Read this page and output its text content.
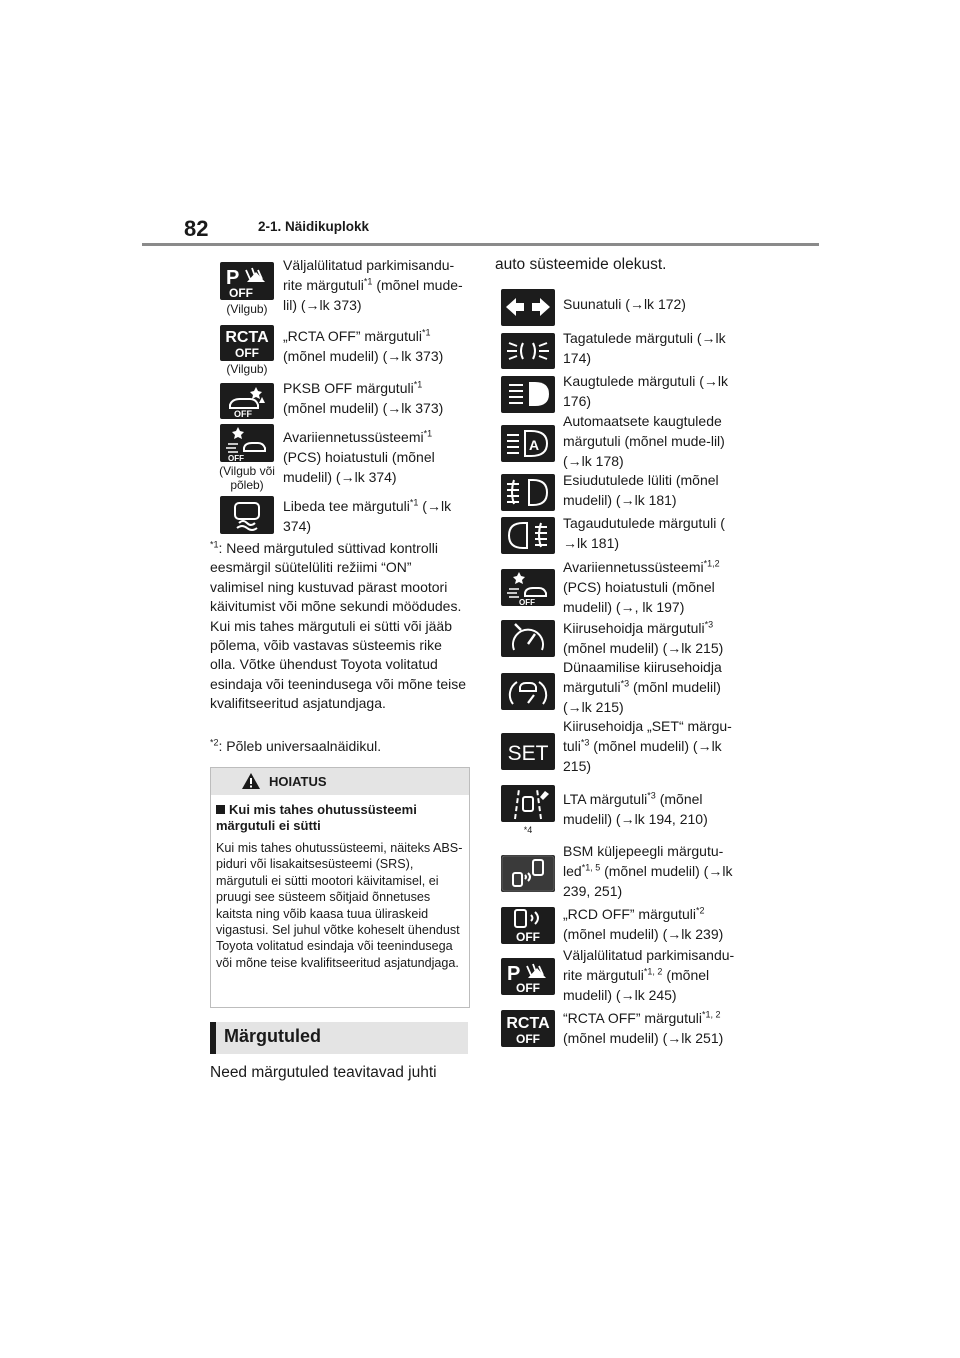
82	2-1. Näidikuplokk
P
OFF
(Vilgub)
Väljalülitatud parkimisandu-rite märgutuli$^{*1}$ (mõnel mude-lil) (→lk 373)
RCTA
OFF
(Vilgub)
„RCTA OFF” märgutuli$^{*1}$
(mõnel mudelil) (→lk 373)
OFF
PKSB OFF märgutuli$^{*1}$
(mõnel mudelil) (→lk 373)
OFF
(Vilgub või põleb)
Avariiennetussüsteemi$^{*1}$
(PCS) hoiatustuli (mõnel mudelil) (→lk 374)
Libeda tee märgutuli$^{*1}$ (→lk 374)
$^{*1}$: Need märgutuled süttivad kontrolli eesmärgil süütelüliti režiimi “ON” valimisel ning kustuvad pärast mootori käivitumist või mõne sekundi möödudes. Kui mis tahes märgutuli ei sütti või jääb põlema, võib vastavas süsteemis rike olla. Võtke ühendust Toyota volitatud esindaja või teenindusega või mõne teise kvalifitseeritud asjatundjaga.
$^{*2}$: Põleb universaalnäidikul.
HOIATUS
Kui mis tahes ohutussüsteemi märgutuli ei sütti
Kui mis tahes ohutussüsteemi, näiteks ABS-piduri või lisakaitsesüsteemi (SRS), märgutuli ei sütti mootori käivitamisel, ei pruugi see süsteem sõitjaid õnnetuses kaitsta ning võib kaasa tuua üliraskeid vigastusi. Sel juhul võtke koheselt ühendust Toyota volitatud esindaja või teenindusega või mõne teise kvalifitseeritud asjatundjaga.
Märgutuled
Need märgutuled teavitavad juhti
auto süsteemide olekust.
Suunatuli (→lk 172)
Tagatulede märgutuli (→lk 174)
Kaugtulede märgutuli (→lk 176)
A
Automaatsete kaugtulede märgutuli (mõnel mude-lil)(→lk 178)
Esiudutulede lüliti (mõnel mudelil) (→lk 181)
Tagaudutulede märgutuli (
→lk 181)
OFF
Avariiennetussüsteemi$^{*1,2}$
(PCS) hoiatustuli (mõnel mudelil) (→, lk 197)
Kiirusehoidja märgutuli$^{*3}$
(mõnel mudelil) (→lk 215)
Dünaamilise kiirusehoidja märgutuli$^{*3}$ (mõnl mudelil) (→lk 215)
SET
Kiirusehoidja „SET“ märgu-tuli$^{*3}$ (mõnel mudelil) (→lk 215)
*4
LTA märgutuli$^{*3}$ (mõnel mudelil) (→lk 194, 210)
BSM küljepeegli märgutu-led$^{*1, 5}$ (mõnel mudelil) (→lk 239, 251)
OFF
„RCD OFF” märgutuli$^{*2}$
(mõnel mudelil) (→lk 239)
P
OFF
Väljalülitatud parkimisandu-rite märgutuli$^{*1, 2}$ (mõnel mudelil) (→lk 245)
RCTA
OFF
“RCTA OFF” märgutuli$^{*1, 2}$
(mõnel mudelil) (→lk 251)
